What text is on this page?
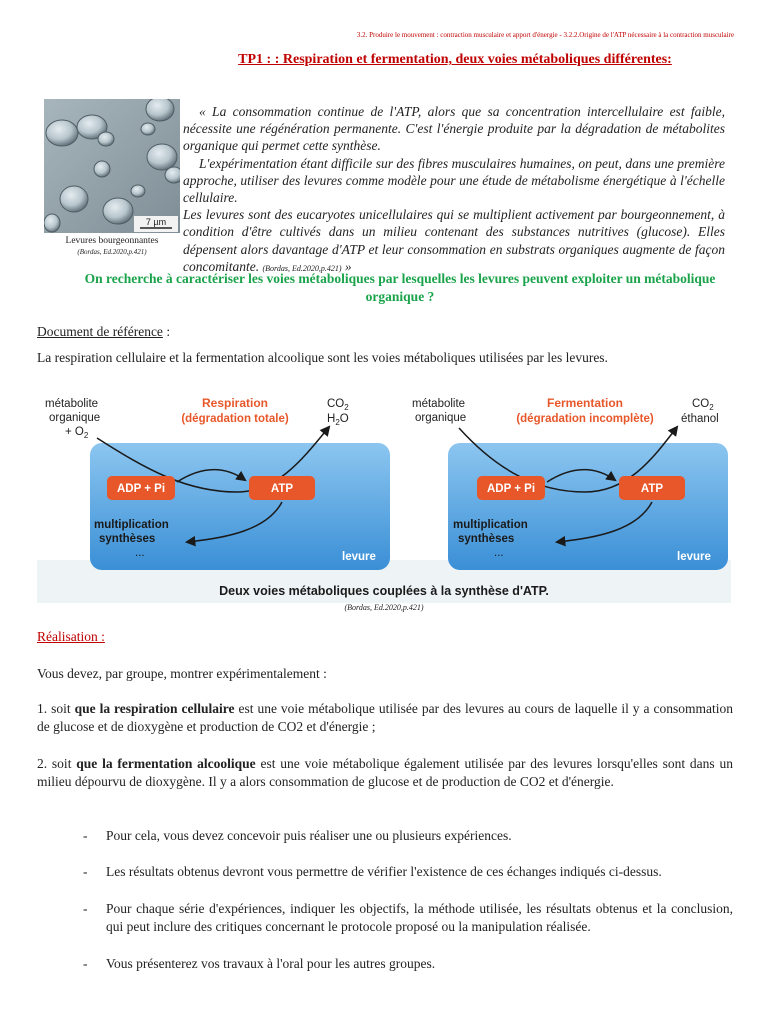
3.2. Produire le mouvement : contraction musculaire et apport d'énergie - 3.2.2.Origine de l'ATP nécessaire à la contraction musculaire
TP1 : : Respiration et fermentation, deux voies métaboliques différentes:
7 µm
Levures bourgeonnantes
(Bordas, Ed.2020,p.421)

« La consommation continue de l'ATP, alors que sa concentration intercellulaire est faible, nécessite une régénération permanente. C'est l'énergie produite par la dégradation de métabolites organique qui permet cette synthèse.

L'expérimentation étant difficile sur des fibres musculaires humaines, on peut, dans une première approche, utiliser des levures comme modèle pour une étude de métabolisme énergétique à l'échelle cellulaire.

Les levures sont des eucaryotes unicellulaires qui se multiplient activement par bourgeonnement, à condition d'être cultivés dans un milieu contenant des substances nutritives (glucose). Elles dépensent alors davantage d'ATP et leur consommation en substrats organiques augmente de façon concomitante. (Bordas, Ed.2020,p.421) »

On recherche à caractériser les voies métaboliques par lesquelles les levures peuvent exploiter un métabolique organique ?
Document de référence :
La respiration cellulaire et la fermentation alcoolique sont les voies métaboliques utilisées par les levures.
métabolite
organique
+ $O_2$
Respiration
(dégradation totale)
$CO_2$
$H_2O$
ADP + Pi	ATP
multiplication
synthèses
...	levure
métabolite
organique
Fermentation
(dégradation incomplète)
$CO_2$
éthanol
ADP + Pi	ATP
multiplication
synthèses
...	levure
Deux voies métaboliques couplées à la synthèse d'ATP.
(Bordas, Ed.2020,p.421)
Réalisation :
Vous devez, par groupe, montrer expérimentalement :
1. soit que la respiration cellulaire est une voie métabolique utilisée par des levures au cours de laquelle il y a consommation de glucose et de dioxygène et production de CO2 et d'énergie ;
2. soit que la fermentation alcoolique est une voie métabolique également utilisée par des levures lorsqu'elles sont dans un milieu dépourvu de dioxygène. Il y a alors consommation de glucose et de production de CO2 et d'énergie.
- Pour cela, vous devez concevoir puis réaliser une ou plusieurs expériences.
- Les résultats obtenus devront vous permettre de vérifier l'existence de ces échanges indiqués ci-dessus.
- Pour chaque série d'expériences, indiquer les objectifs, la méthode utilisée, les résultats obtenus et la conclusion, qui peut inclure des critiques concernant le protocole proposé ou la manipulation réalisée.
- Vous présenterez vos travaux à l'oral pour les autres groupes.
